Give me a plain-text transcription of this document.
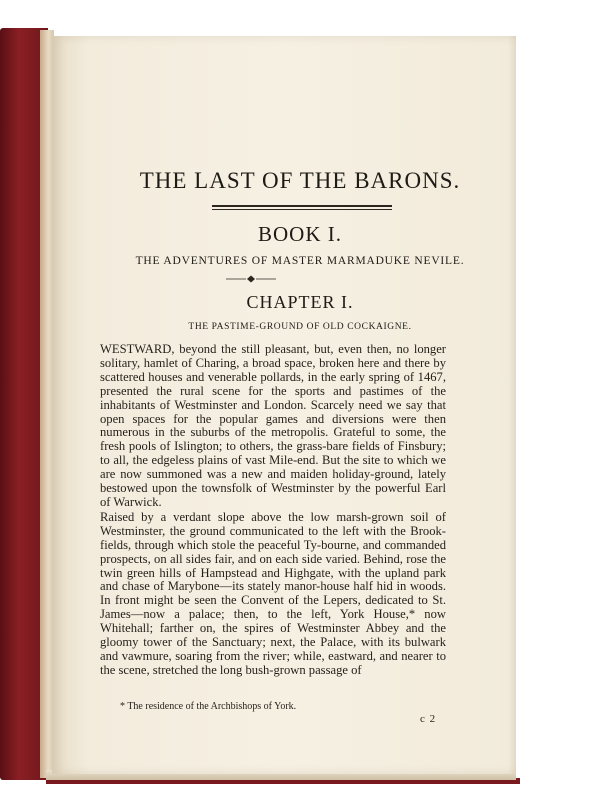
THE LAST OF THE BARONS.
BOOK I.
THE ADVENTURES OF MASTER MARMADUKE NEVILE.
CHAPTER I.
THE PASTIME-GROUND OF OLD COCKAIGNE.

WESTWARD, beyond the still pleasant, but, even then, no longer solitary, hamlet of Charing, a broad space, broken here and there by scattered houses and venerable pollards, in the early spring of 1467, presented the rural scene for the sports and pastimes of the inhabitants of Westminster and London. Scarcely need we say that open spaces for the popular games and diversions were then numerous in the suburbs of the metropolis. Grateful to some, the fresh pools of Islington; to others, the grass-bare fields of Finsbury; to all, the edgeless plains of vast Mile-end. But the site to which we are now summoned was a new and maiden holiday-ground, lately bestowed upon the townsfolk of Westminster by the powerful Earl of Warwick.

Raised by a verdant slope above the low marsh-grown soil of Westminster, the ground communicated to the left with the Brook-fields, through which stole the peaceful Ty-bourne, and commanded prospects, on all sides fair, and on each side varied. Behind, rose the twin green hills of Hampstead and Highgate, with the upland park and chase of Marybone—its stately manor-house half hid in woods. In front might be seen the Convent of the Lepers, dedicated to St. James—now a palace; then, to the left, York House,* now Whitehall; farther on, the spires of Westminster Abbey and the gloomy tower of the Sanctuary; next, the Palace, with its bulwark and vawmure, soaring from the river; while, eastward, and nearer to the scene, stretched the long bush-grown passage of

* The residence of the Archbishops of York.
c 2
